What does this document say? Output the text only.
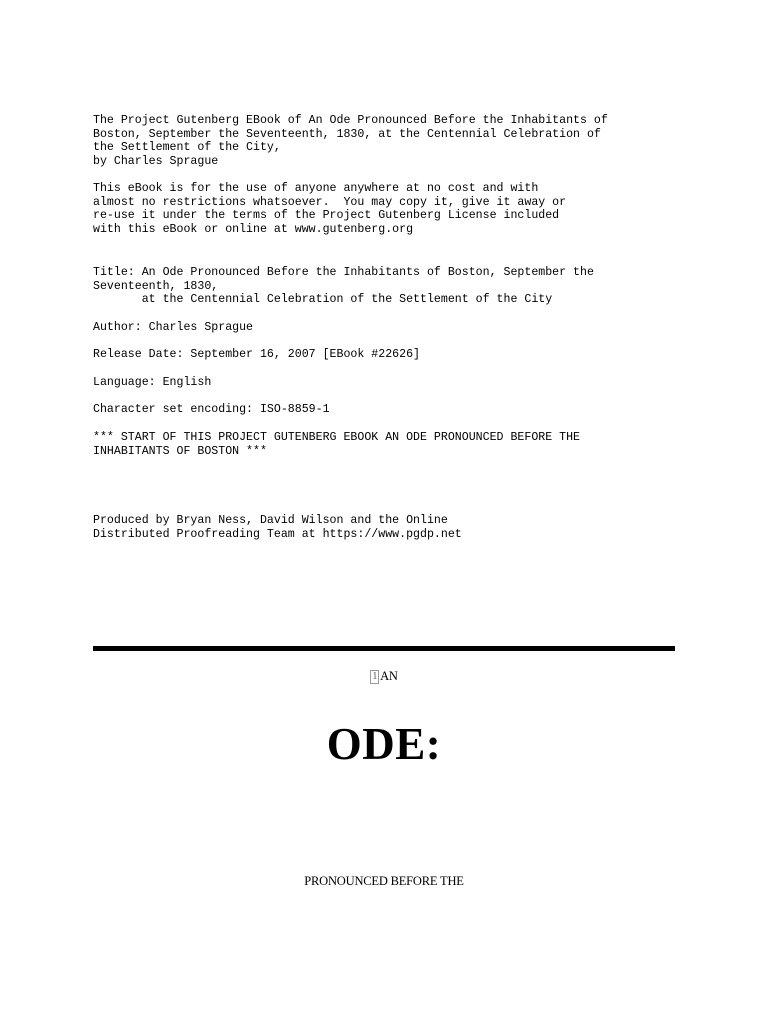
The Project Gutenberg EBook of An Ode Pronounced Before the Inhabitants of
Boston, September the Seventeenth, 1830, at the Centennial Celebration of
the Settlement of the City,
by Charles Sprague
This eBook is for the use of anyone anywhere at no cost and with
almost no restrictions whatsoever.  You may copy it, give it away or
re-use it under the terms of the Project Gutenberg License included
with this eBook or online at www.gutenberg.org
Title: An Ode Pronounced Before the Inhabitants of Boston, September the
Seventeenth, 1830,
at the Centennial Celebration of the Settlement of the City
Author: Charles Sprague
Release Date: September 16, 2007 [EBook #22626]
Language: English
Character set encoding: ISO-8859-1
*** START OF THIS PROJECT GUTENBERG EBOOK AN ODE PRONOUNCED BEFORE THE
INHABITANTS OF BOSTON ***
Produced by Bryan Ness, David Wilson and the Online
Distributed Proofreading Team at https://www.pgdp.net
1 AN
ODE:
PRONOUNCED BEFORE THE
